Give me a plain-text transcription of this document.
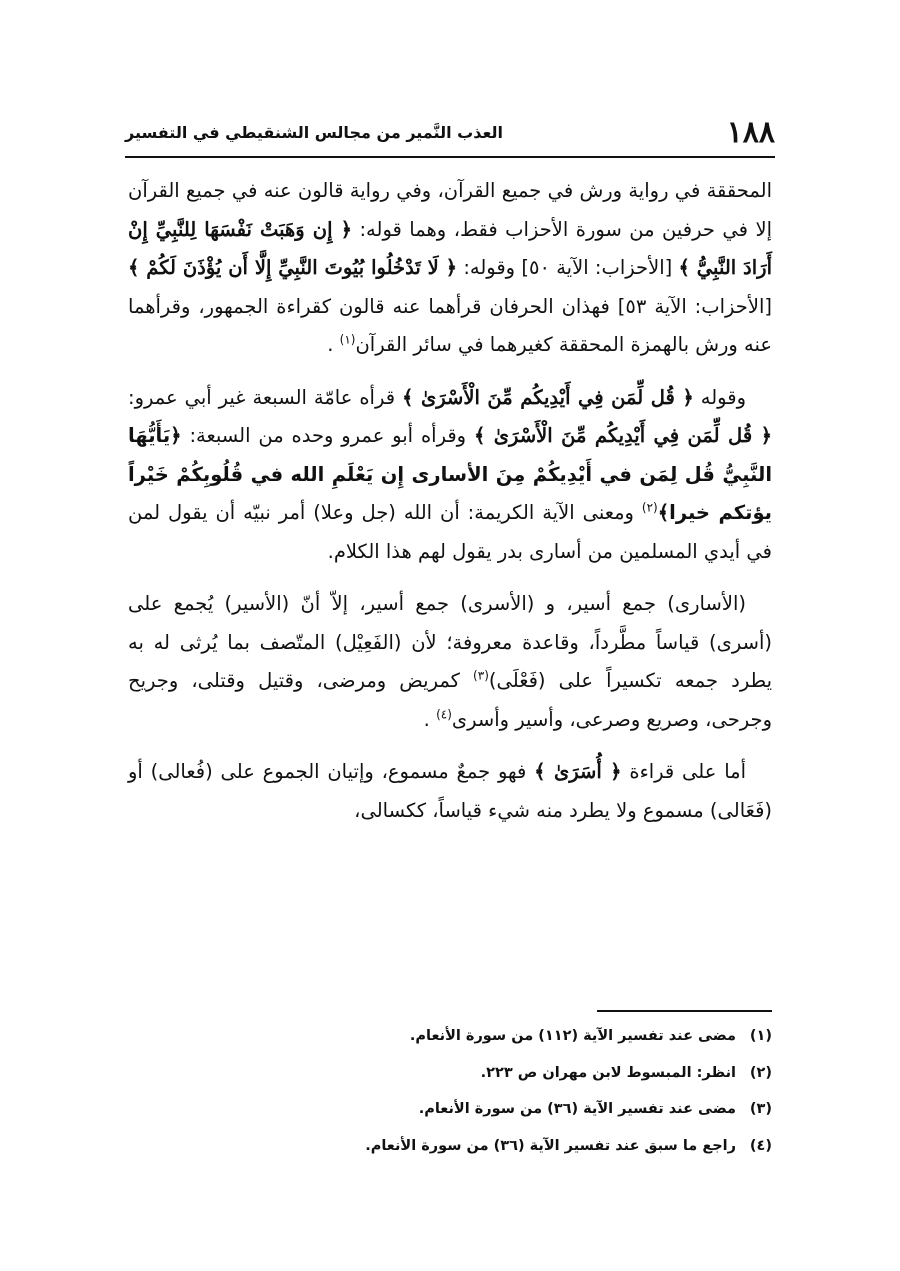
١٨٨
العذب النَّمير من مجالس الشنقيطي في التفسير

المحققة في رواية ورش في جميع القرآن، وفي رواية قالون عنه في جميع القرآن إلا في حرفين من سورة الأحزاب فقط، وهما قوله: ﴿ إِن وَهَبَتْ نَفْسَهَا لِلنَّبِيِّ إِنْ أَرَادَ النَّبِيُّ ﴾ [الأحزاب: الآية ٥٠] وقوله: ﴿ لَا تَدْخُلُوا بُيُوتَ النَّبِيِّ إِلَّا أَن يُؤْذَنَ لَكُمْ ﴾ [الأحزاب: الآية ٥٣] فهذان الحرفان قرأهما عنه قالون كقراءة الجمهور، وقرأهما عنه ورش بالهمزة المحققة كغيرهما في سائر القرآن$^{(١)}$ .

وقوله ﴿ قُل لِّمَن فِي أَيْدِيكُم مِّنَ الْأَسْرَىٰ ﴾ قرأه عامّة السبعة غير أبي عمرو: ﴿ قُل لِّمَن فِي أَيْدِيكُم مِّنَ الْأَسْرَىٰ ﴾ وقرأه أبو عمرو وحده من السبعة: ﴿يَأَيُّهَا النَّبِيُّ قُل لِمَن في أَيْدِيكُمْ مِنَ الأسارى إِن يَعْلَمِ الله في قُلُوبِكُمْ خَيْراً يؤتكم خيرا﴾$^{(٢)}$ ومعنى الآية الكريمة: أن الله (جل وعلا) أمر نبيّه أن يقول لمن في أيدي المسلمين من أسارى بدر يقول لهم هذا الكلام.

(الأسارى) جمع أسير، و (الأسرى) جمع أسير، إلاّ أنّ (الأسير) يُجمع على (أسرى) قياساً مطَّرداً، وقاعدة معروفة؛ لأن (الفَعِيْل) المتّصف بما يُرثى له به يطرد جمعه تكسيراً على (فَعْلَى)$^{(٣)}$ كمريض ومرضى، وقتيل وقتلى، وجريح وجرحى، وصريع وصرعى، وأسير وأسرى$^{(٤)}$ .

أما على قراءة ﴿ أُسَرَىٰ ﴾ فهو جمعٌ مسموع، وإتيان الجموع على (فُعالى) أو (فَعَالى) مسموع ولا يطرد منه شيء قياساً، ككسالى،

(١)
مضى عند تفسير الآية (١١٢) من سورة الأنعام.
(٢)
انظر: المبسوط لابن مهران ص ٢٢٣.
(٣)
مضى عند تفسير الآية (٣٦) من سورة الأنعام.
(٤)
راجع ما سبق عند تفسير الآية (٣٦) من سورة الأنعام.
